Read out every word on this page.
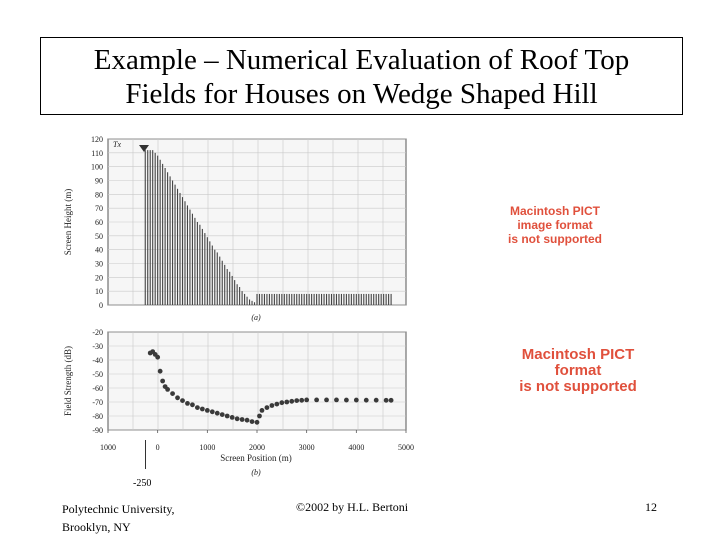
Example – Numerical Evaluation of Roof Top
Fields for Houses on Wedge Shaped Hill
0
10
20
30
40
50
60
70
80
90
100
110
120
Screen Height (m)
Tx
(a)
-20
-30
-40
-50
-60
-70
-80
-90
1000	0	1000	2000	3000	4000	5000
Field Strength (dB)
Screen Position (m)
(b)
-250
Macintosh PICT
image format
is not supported
Macintosh PICT
format
is not supported
Polytechnic University,
Brooklyn, NY
©2002 by H.L. Bertoni	12
